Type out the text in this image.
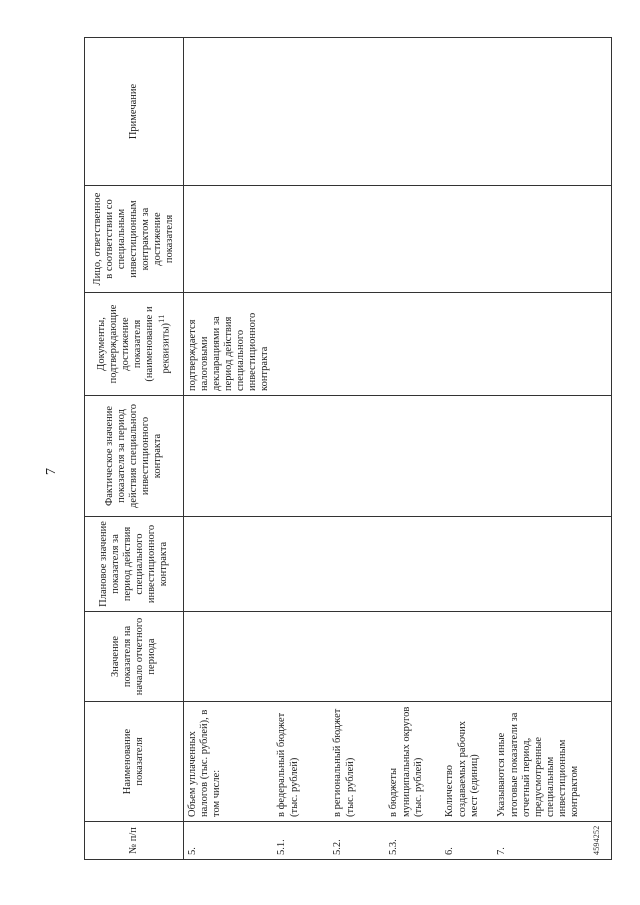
7

№ п/п	Наименование показателя	Значение показателя на начало отчетного периода	Плановое значение показателя за период действия специального инвестиционного контракта	Фактическое значение показателя за период действия специального инвестиционного контракта	Документы, подтверждающие достижение показателя (наименование и реквизиты)$^{11}$	Лицо, ответственное в соответствии со специальным инвестиционным контрактом за достижение показателя	Примечание
5.	Объем уплаченных налогов (тыс. рублей), в том числе:				подтверждается налоговыми декларациями за период действия специального инвестиционного контракта		
5.1.	в федеральный бюджет (тыс. рублей)						
5.2.	в региональный бюджет (тыс. рублей)						
5.3.	в бюджеты муниципальных округов (тыс. рублей)						
6.	Количество создаваемых рабочих мест (единиц)						
7.	Указываются иные итоговые показатели за отчетный период, предусмотренные специальным инвестиционным контрактом						

4594252
